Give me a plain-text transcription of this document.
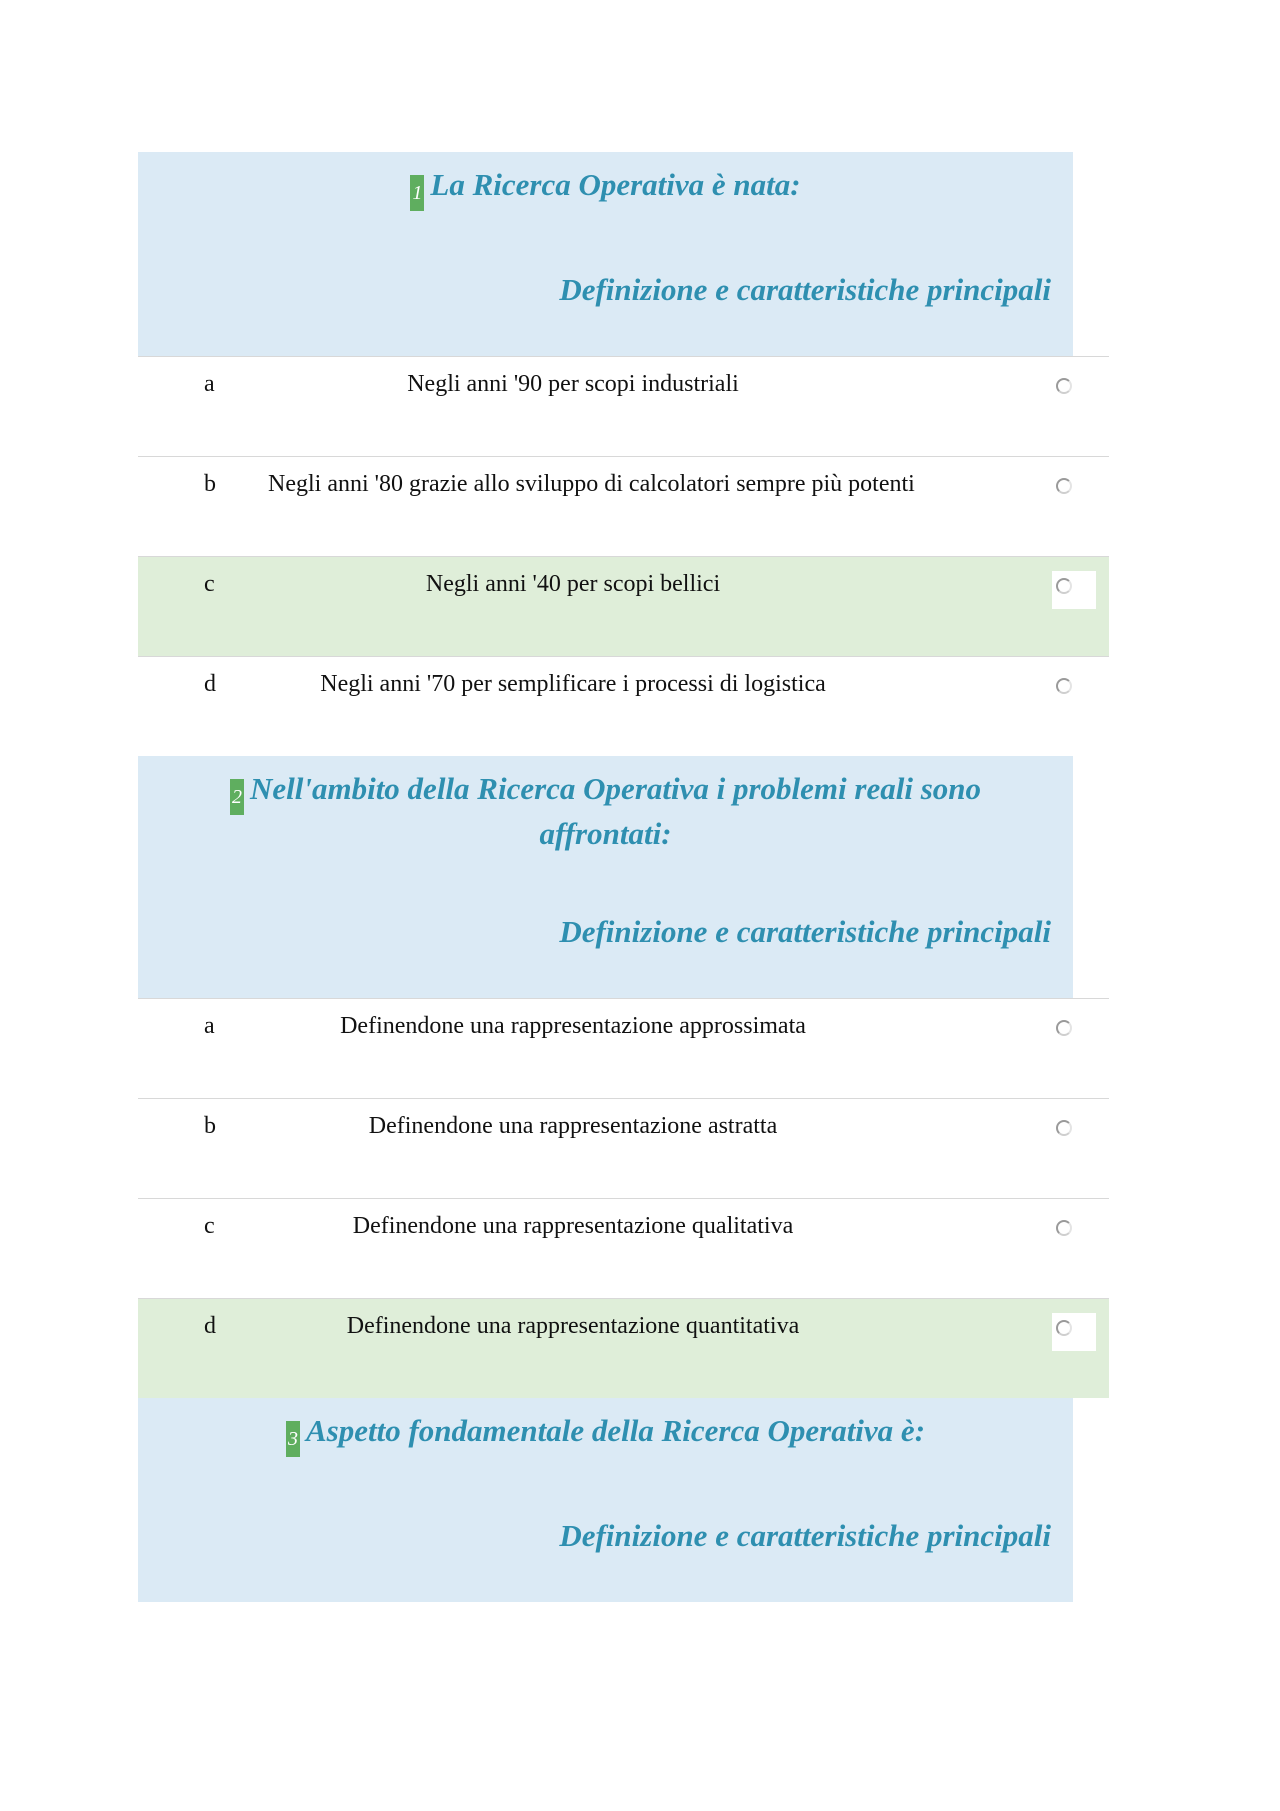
1 La Ricerca Operativa è nata:
Definizione e caratteristiche principali
a	Negli anni '90 per scopi industriali
b Negli anni '80 grazie allo sviluppo di calcolatori sempre più potenti
c	Negli anni '40 per scopi bellici
d	Negli anni '70 per semplificare i processi di logistica
2 Nell'ambito della Ricerca Operativa i problemi reali sono affrontati:
Definizione e caratteristiche principali
a	Definendone una rappresentazione approssimata
b	Definendone una rappresentazione astratta
c	Definendone una rappresentazione qualitativa
d	Definendone una rappresentazione quantitativa
3 Aspetto fondamentale della Ricerca Operativa è:
Definizione e caratteristiche principali
